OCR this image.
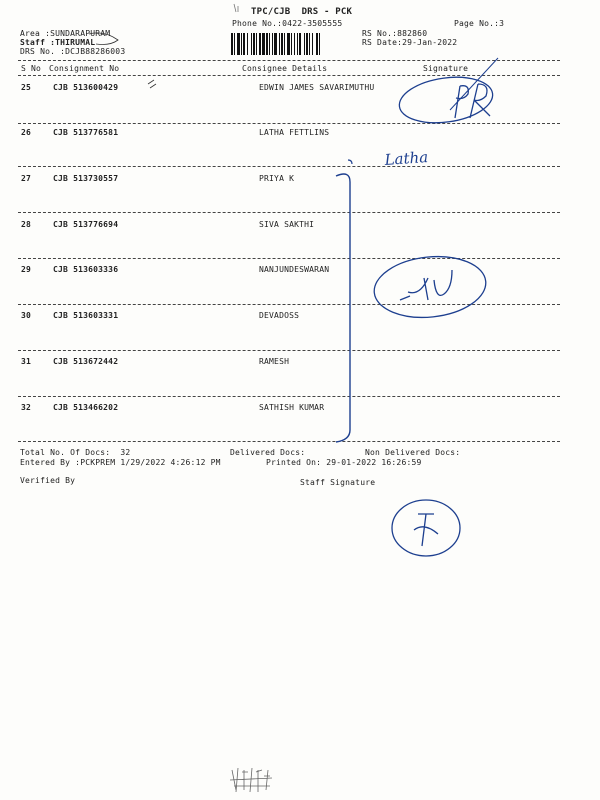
TPC/CJB  DRS - PCK
Phone No.:0422-3505555	Page No.:3
Area :SUNDARAPURAM
Staff :THIRUMAL
DRS No. :DCJB88286003
RS No.:882860
RS Date:29-Jan-2022
S No Consignment No	Consignee Details	Signature
25	CJB 513600429	EDWIN JAMES SAVARIMUTHU
26	CJB 513776581	LATHA FETTLINS
27	CJB 513730557	PRIYA K
28	CJB 513776694	SIVA SAKTHI
29	CJB 513603336	NANJUNDESWARAN
30	CJB 513603331	DEVADOSS
31	CJB 513672442	RAMESH
32	CJB 513466202	SATHISH KUMAR
Total No. Of Docs:  32	Delivered Docs:	Non Delivered Docs:
Entered By :PCKPREM 1/29/2022 4:26:12 PM	Printed On: 29-01-2022 16:26:59
Verified By	Staff Signature
Latha
